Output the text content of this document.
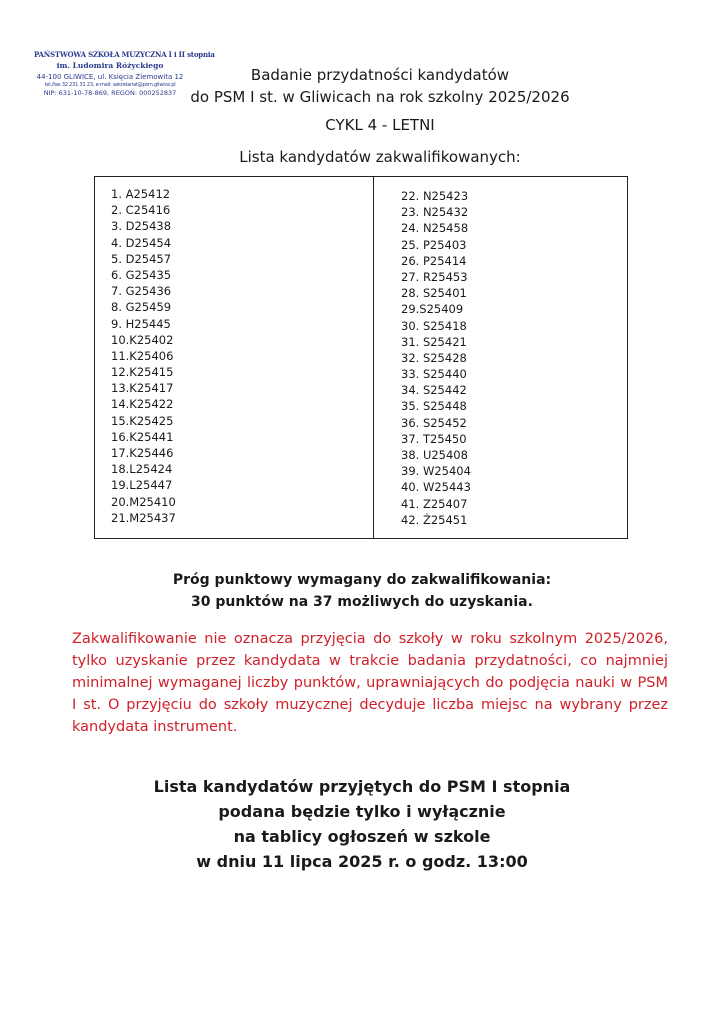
PAŃSTWOWA SZKOŁA MUZYCZNA I i II stopnia
im. Ludomira Różyckiego
44-100 GLIWICE, ul. Księcia Ziemowita 12
tel./fax 32 231 31 23, e-mail: sekretariat@psm.gliwice.pl
NIP: 631-10-78-869, REGON: 000252837
Badanie przydatności kandydatów
do PSM I st. w Gliwicach na rok szkolny 2025/2026
CYKL 4 - LETNI
Lista kandydatów zakwalifikowanych:
1. A25412
2. C25416
3. D25438
4. D25454
5. D25457
6. G25435
7. G25436
8. G25459
9. H25445
10.K25402
11.K25406
12.K25415
13.K25417
14.K25422
15.K25425
16.K25441
17.K25446
18.L25424
19.L25447
20.M25410
21.M25437
22. N25423
23. N25432
24. N25458
25. P25403
26. P25414
27. R25453
28. S25401
29.S25409
30. S25418
31. S25421
32. S25428
33. S25440
34. S25442
35. S25448
36. S25452
37. T25450
38. U25408
39. W25404
40. W25443
41. Z25407
42. Ż25451
Próg punktowy wymagany do zakwalifikowania:
30 punktów na 37 możliwych do uzyskania.
Zakwalifikowanie nie oznacza przyjęcia do szkoły w roku szkolnym 2025/2026, tylko uzyskanie przez kandydata w trakcie badania przydatności, co najmniej minimalnej wymaganej liczby punktów, uprawniających do podjęcia nauki w PSM I st. O przyjęciu do szkoły muzycznej decyduje liczba miejsc na wybrany przez kandydata instrument.
Lista kandydatów przyjętych do PSM I stopnia
podana będzie tylko i wyłącznie
na tablicy ogłoszeń w szkole
w dniu 11 lipca 2025 r. o godz. 13:00
